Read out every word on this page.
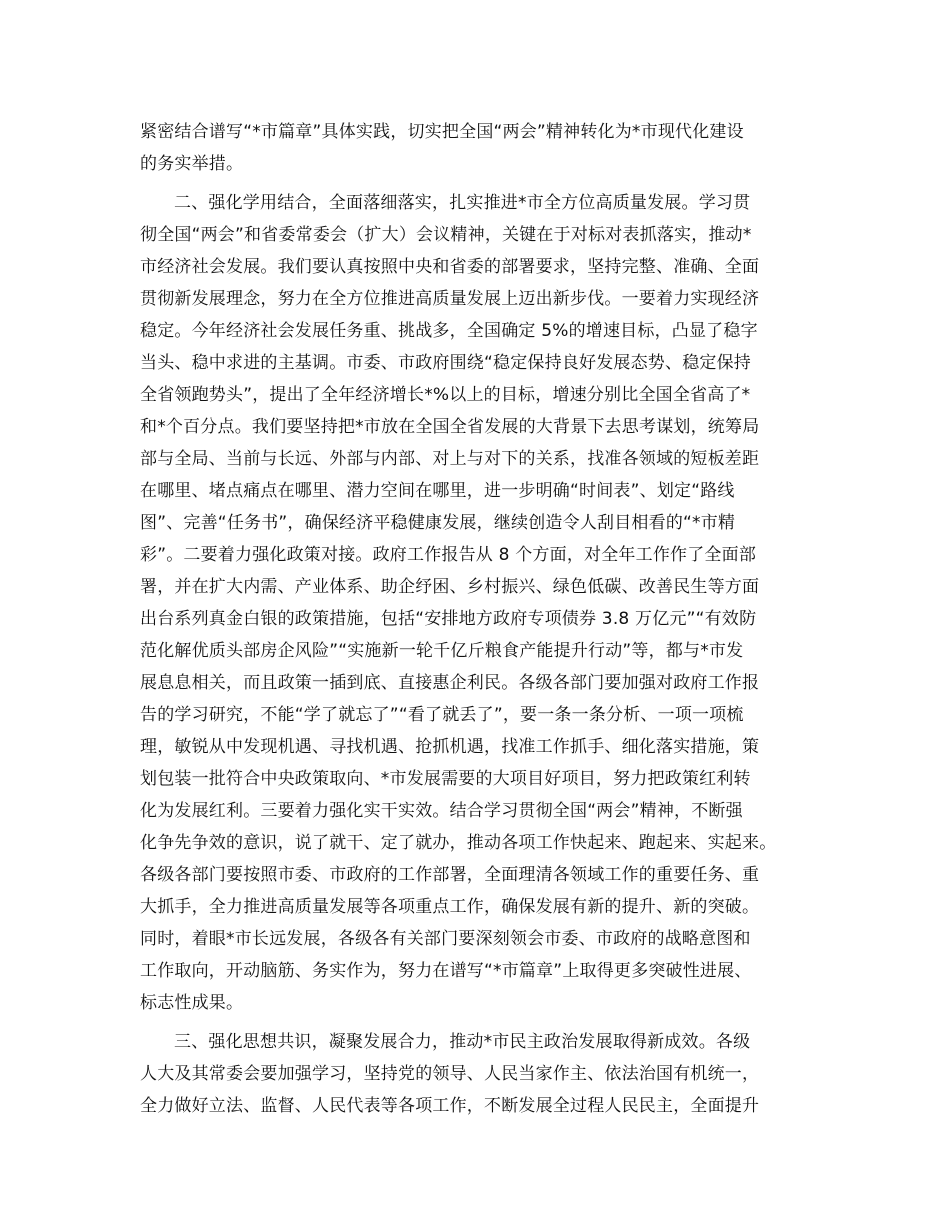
紧密结合谱写“*市篇章”具体实践，切实把全国“两会”精神转化为*市现代化建设
的务实举措。
二、强化学用结合，全面落细落实，扎实推进*市全方位高质量发展。学习贯
彻全国“两会”和省委常委会（扩大）会议精神，关键在于对标对表抓落实，推动*
市经济社会发展。我们要认真按照中央和省委的部署要求，坚持完整、准确、全面
贯彻新发展理念，努力在全方位推进高质量发展上迈出新步伐。一要着力实现经济
稳定。今年经济社会发展任务重、挑战多，全国确定 5%的增速目标，凸显了稳字
当头、稳中求进的主基调。市委、市政府围绕“稳定保持良好发展态势、稳定保持
全省领跑势头”，提出了全年经济增长*%以上的目标，增速分别比全国全省高了*
和*个百分点。我们要坚持把*市放在全国全省发展的大背景下去思考谋划，统筹局
部与全局、当前与长远、外部与内部、对上与对下的关系，找准各领域的短板差距
在哪里、堵点痛点在哪里、潜力空间在哪里，进一步明确“时间表”、划定“路线
图”、完善“任务书”，确保经济平稳健康发展，继续创造令人刮目相看的“*市精
彩”。二要着力强化政策对接。政府工作报告从 8 个方面，对全年工作作了全面部
署，并在扩大内需、产业体系、助企纾困、乡村振兴、绿色低碳、改善民生等方面
出台系列真金白银的政策措施，包括“安排地方政府专项债券 3.8 万亿元”“有效防
范化解优质头部房企风险”“实施新一轮千亿斤粮食产能提升行动”等，都与*市发
展息息相关，而且政策一插到底、直接惠企利民。各级各部门要加强对政府工作报
告的学习研究，不能“学了就忘了”“看了就丢了”，要一条一条分析、一项一项梳
理，敏锐从中发现机遇、寻找机遇、抢抓机遇，找准工作抓手、细化落实措施，策
划包装一批符合中央政策取向、*市发展需要的大项目好项目，努力把政策红利转
化为发展红利。三要着力强化实干实效。结合学习贯彻全国“两会”精神，不断强
化争先争效的意识，说了就干、定了就办，推动各项工作快起来、跑起来、实起来。
各级各部门要按照市委、市政府的工作部署，全面理清各领域工作的重要任务、重
大抓手，全力推进高质量发展等各项重点工作，确保发展有新的提升、新的突破。
同时，着眼*市长远发展，各级各有关部门要深刻领会市委、市政府的战略意图和
工作取向，开动脑筋、务实作为，努力在谱写“*市篇章”上取得更多突破性进展、
标志性成果。
三、强化思想共识，凝聚发展合力，推动*市民主政治发展取得新成效。各级
人大及其常委会要加强学习，坚持党的领导、人民当家作主、依法治国有机统一，
全力做好立法、监督、人民代表等各项工作，不断发展全过程人民民主，全面提升
